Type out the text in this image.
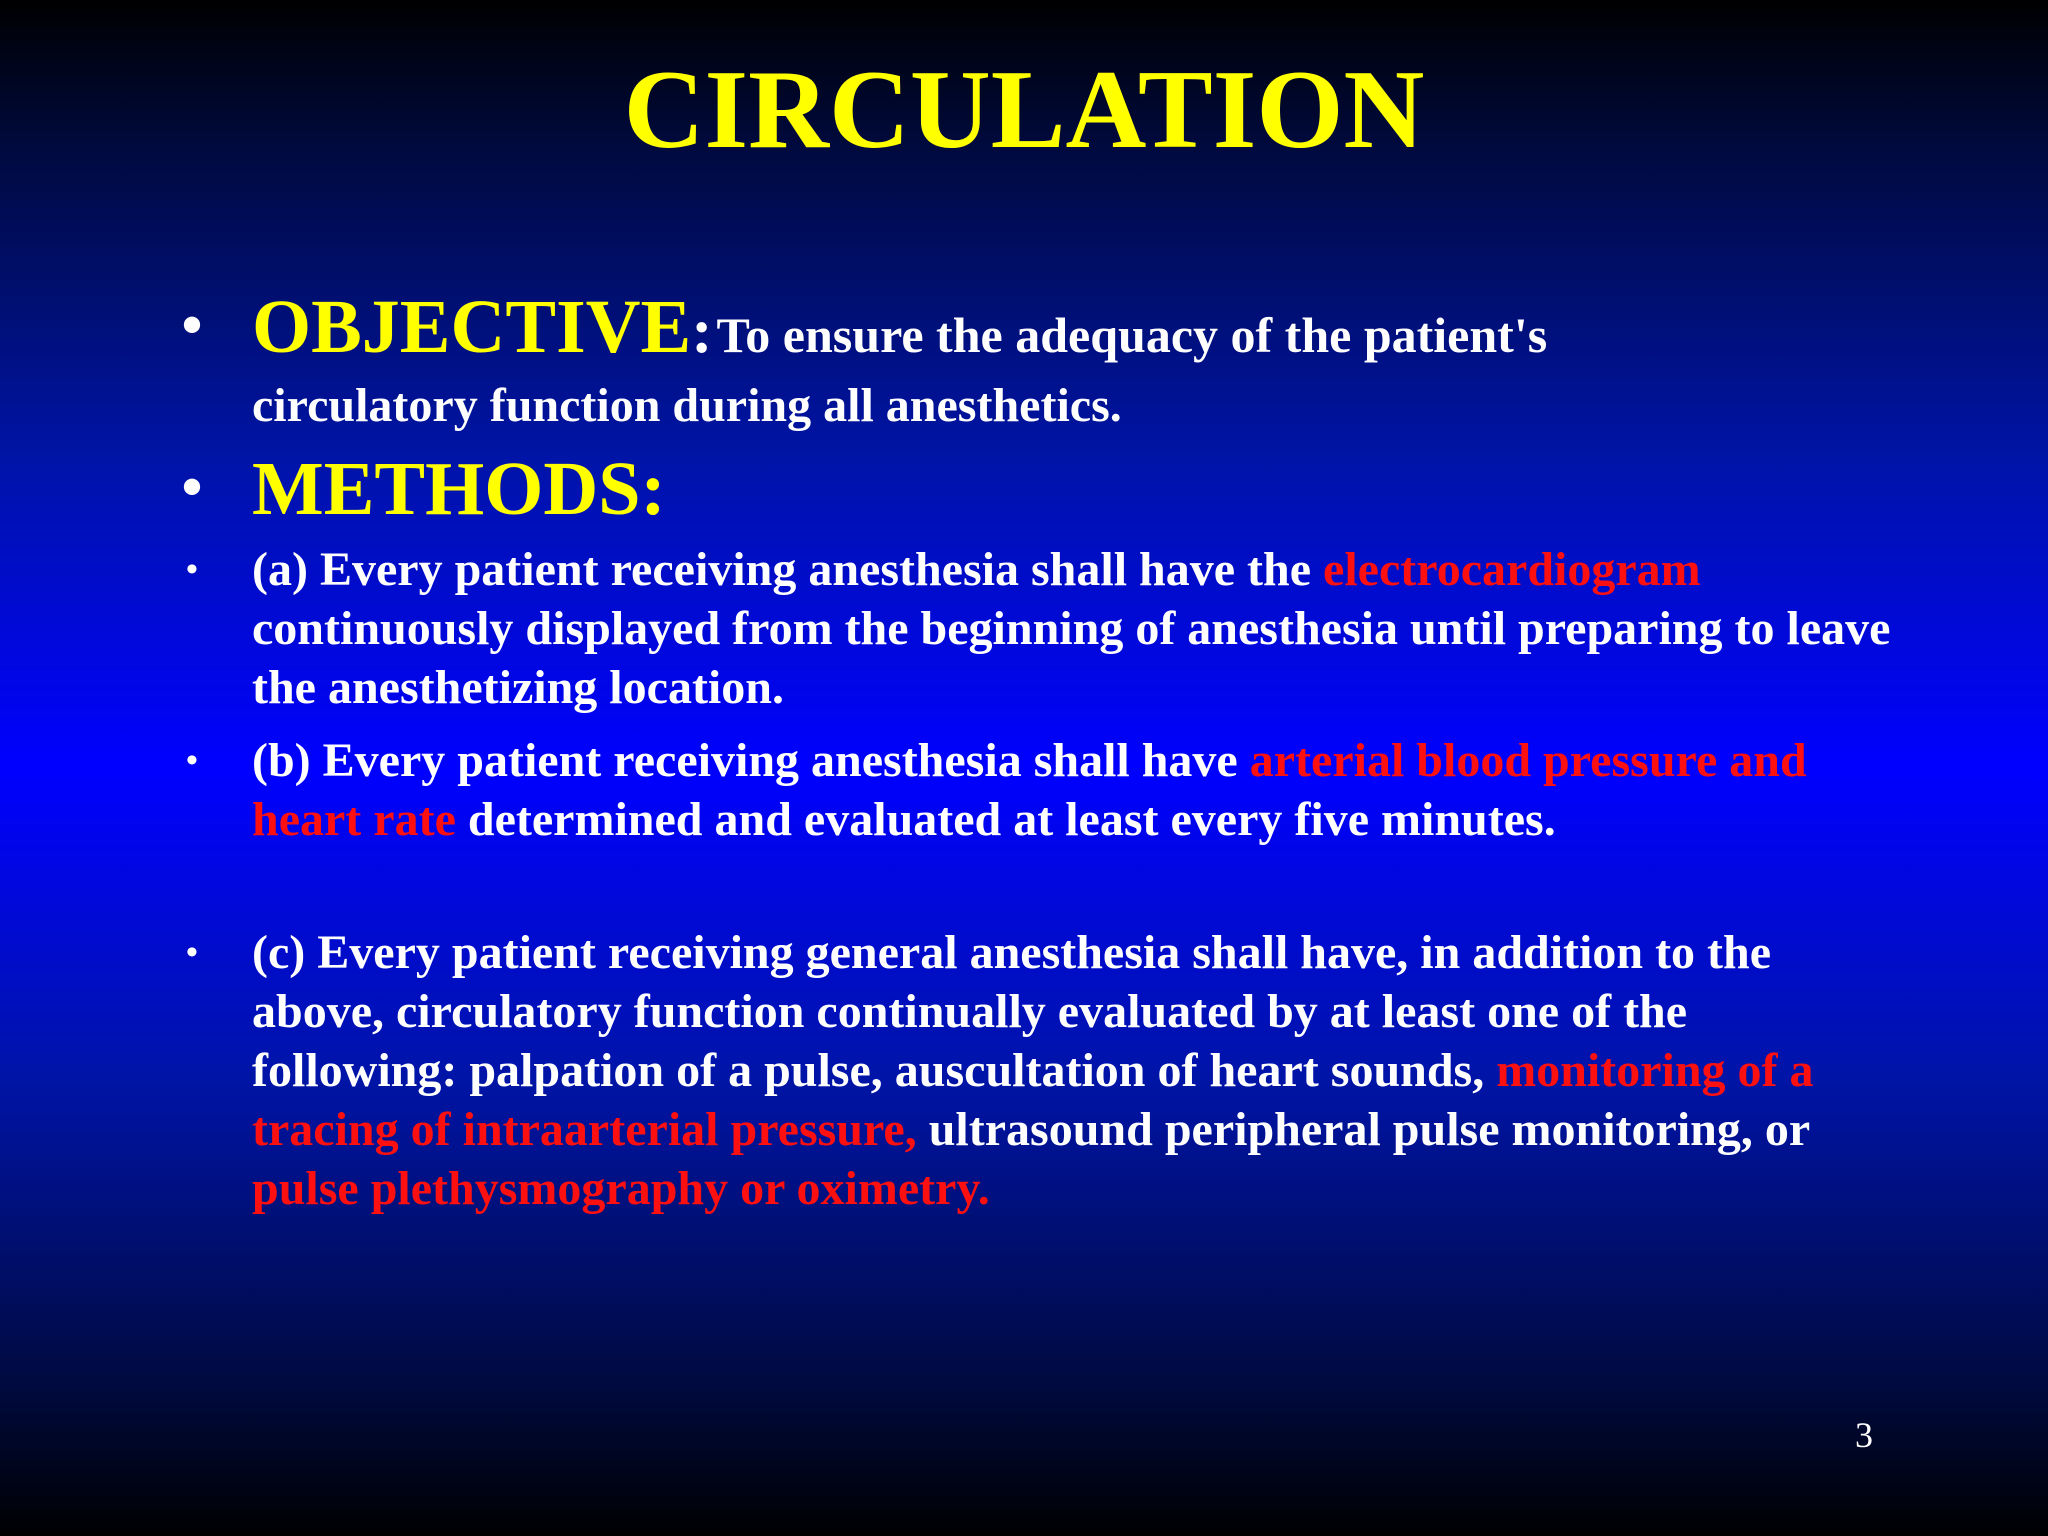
CIRCULATION
• OBJECTIVE: To ensure the adequacy of the patient's
circulatory function during all anesthetics.
• METHODS:
• (a) Every patient receiving anesthesia shall have the electrocardiogram continuously displayed from the beginning of anesthesia until preparing to leave the anesthetizing location.
• (b) Every patient receiving anesthesia shall have arterial blood pressure and heart rate determined and evaluated at least every five minutes.
• (c) Every patient receiving general anesthesia shall have, in addition to the above, circulatory function continually evaluated by at least one of the following: palpation of a pulse, auscultation of heart sounds, monitoring of a tracing of intraarterial pressure, ultrasound peripheral pulse monitoring, or pulse plethysmography or oximetry.
3
